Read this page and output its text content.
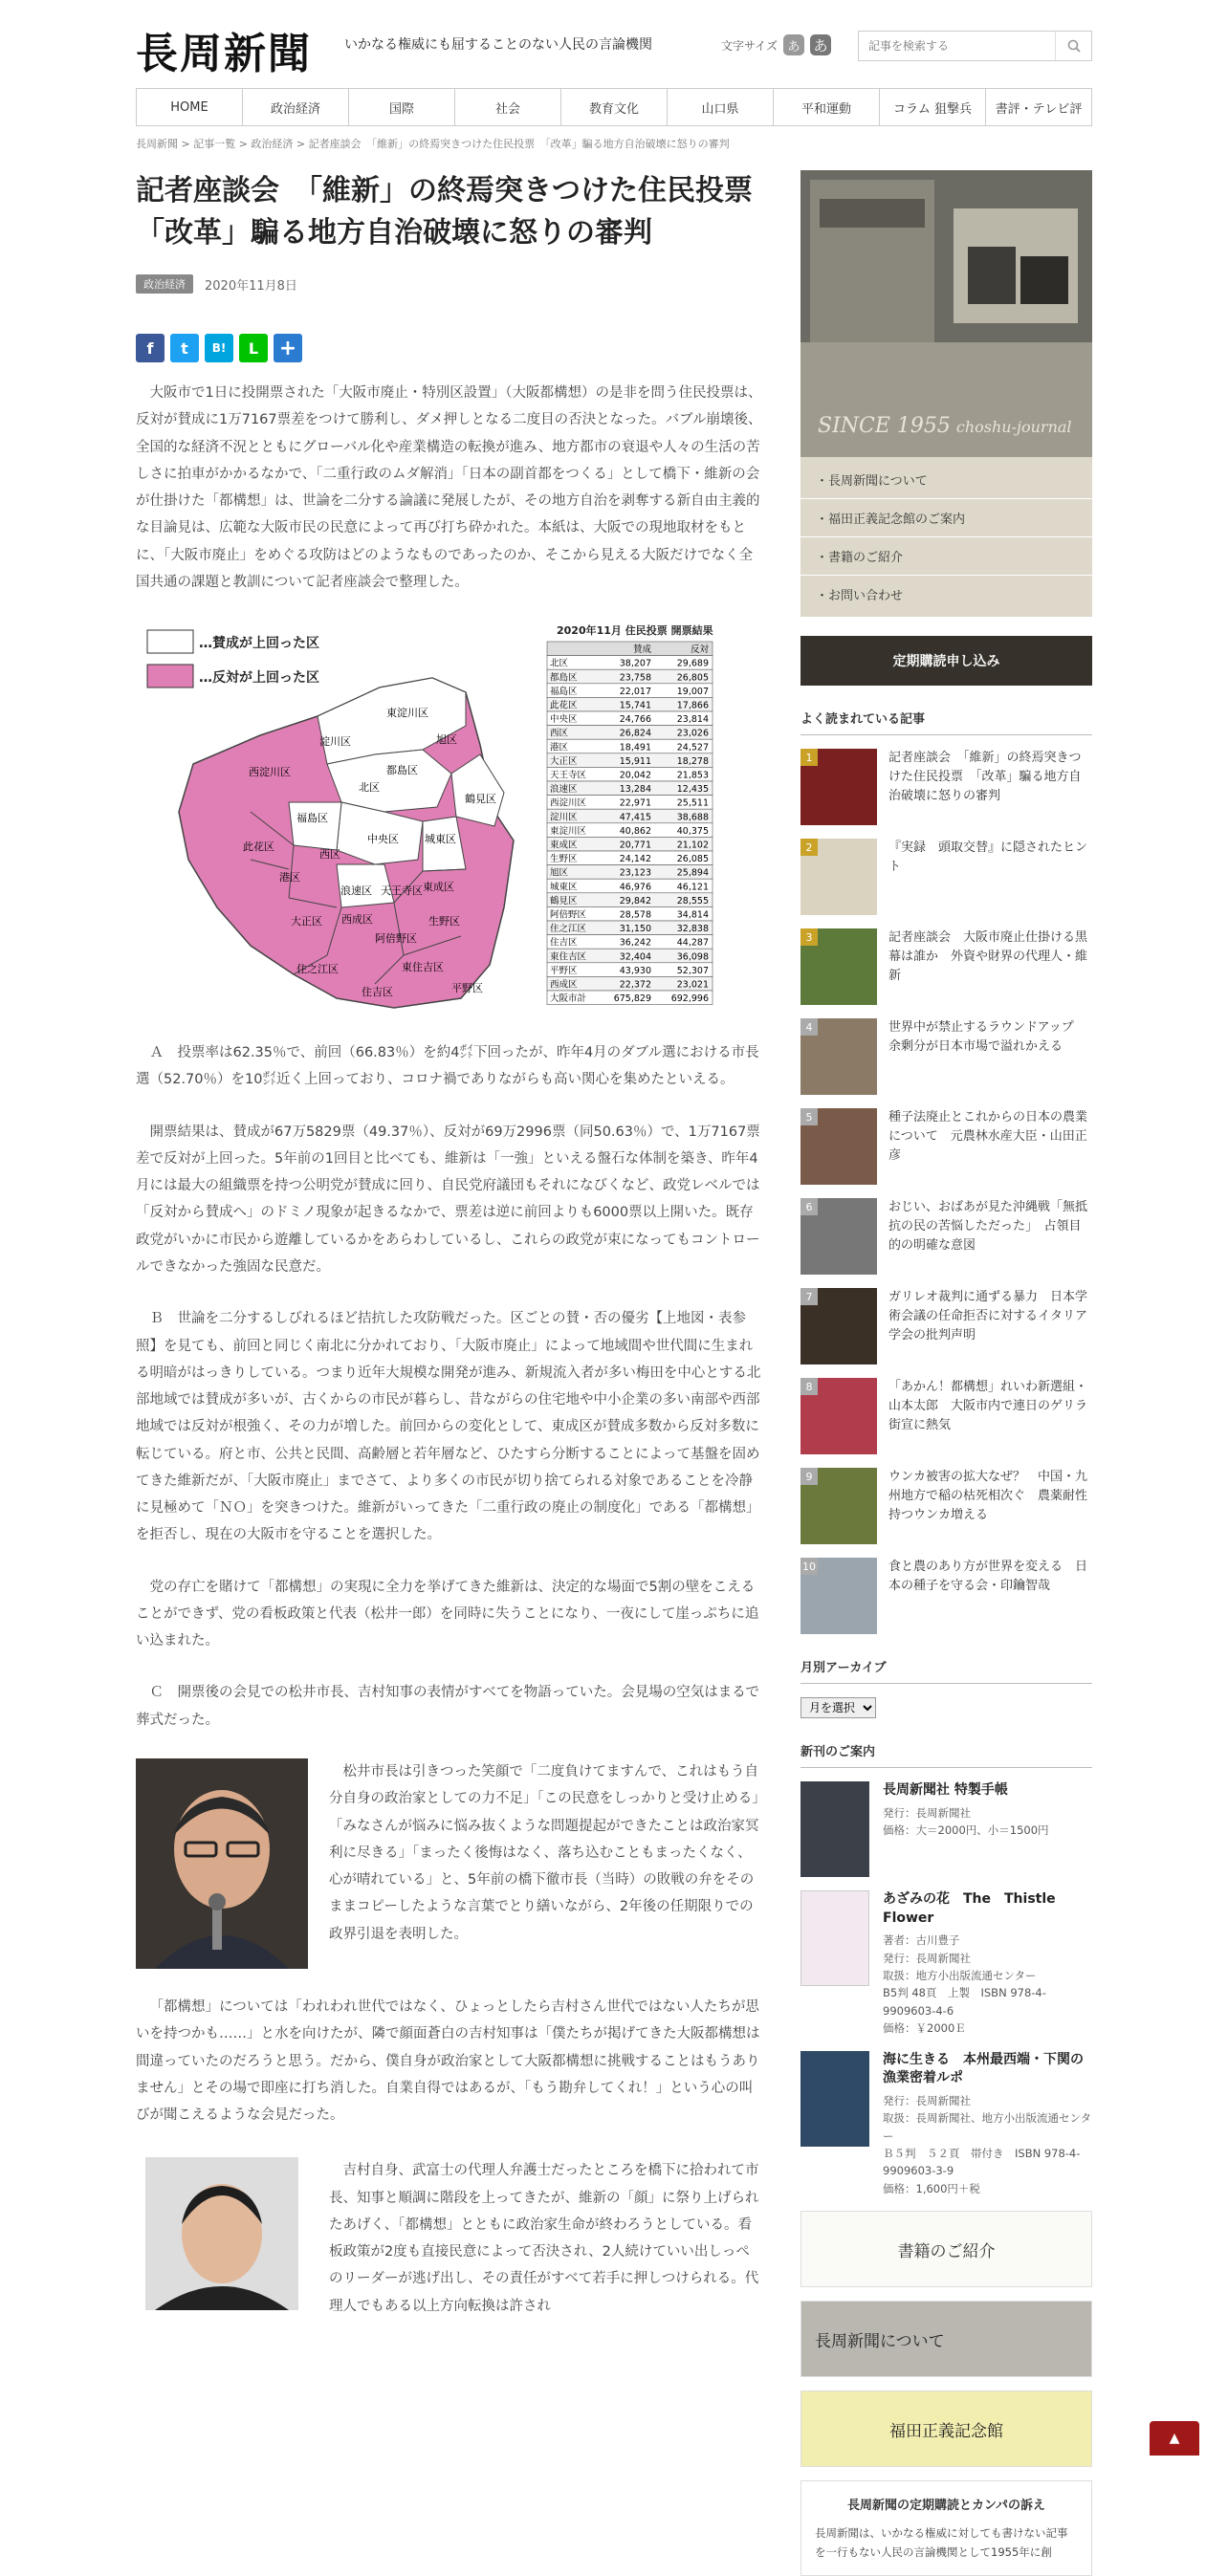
長周新聞 いかなる権威にも屈することのない人民の言論機関	文字サイズ あ あ
記事を検索する
HOME	政治経済	国際	社会	教育文化	山口県	平和運動	コラム 狙撃兵	書評・テレビ評
長周新聞 > 記事一覧 > 政治経済 > 記者座談会　「維新」の終焉突きつけた住民投票　「改革」騙る地方自治破壊に怒りの審判
記者座談会　「維新」の終焉突きつけた住民投票　「改革」騙る地方自治破壊に怒りの審判
政治経済	2020年11月8日
f	t	B!	L +

大阪市で1日に投開票された「大阪市廃止・特別区設置」（大阪都構想）の是非を問う住民投票は、反対が賛成に1万7167票差をつけて勝利し、ダメ押しとなる二度目の否決となった。バブル崩壊後、全国的な経済不況とともにグローバル化や産業構造の転換が進み、地方都市の衰退や人々の生活の苦しさに拍車がかかるなかで、「二重行政のムダ解消」「日本の副首都をつくる」として橋下・維新の会が仕掛けた「都構想」は、世論を二分する論議に発展したが、その地方自治を剥奪する新自由主義的な目論見は、広範な大阪市民の民意によって再び打ち砕かれた。本紙は、大阪での現地取材をもとに、「大阪市廃止」をめぐる攻防はどのようなものであったのか、そこから見える大阪だけでなく全国共通の課題と教訓について記者座談会で整理した。

…賛成が上回った区
…反対が上回った区
東淀川区
淀川区	旭区
都島区
北区
鶴見区
西淀川区
福島区
城東区
此花区
中央区
西区
東成区
港区
浪速区 天王寺区
生野区
大正区 西成区
阿倍野区
住之江区	東住吉区
住吉区	平野区
2020年11月 住民投票 開票結果
賛成	反対
北区	38,207	29,689
都島区	23,758	26,805
福島区	22,017	19,007
此花区	15,741	17,866
中央区	24,766	23,814
西区	26,824	23,026
港区	18,491	24,527
大正区	15,911	18,278
天王寺区	20,042	21,853
浪速区	13,284	12,435
西淀川区	22,971	25,511
淀川区	47,415	38,688
東淀川区	40,862	40,375
東成区	20,771	21,102
生野区	24,142	26,085
旭区	23,123	25,894
城東区	46,976	46,121
鶴見区	29,842	28,555
阿倍野区	28,578	34,814
住之江区	31,150	32,838
住吉区	36,242	44,287
東住吉区	32,404	36,098
平野区	43,930	52,307
西成区	22,372	23,021
大阪市計	675,829 692,996

Ａ　投票率は62.35％で、前回（66.83％）を約4㌽下回ったが、昨年4月のダブル選における市長選（52.70％）を10㌽近く上回っており、コロナ禍でありながらも高い関心を集めたといえる。

開票結果は、賛成が67万5829票（49.37％）、反対が69万2996票（同50.63％）で、1万7167票差で反対が上回った。5年前の1回目と比べても、維新は「一強」といえる盤石な体制を築き、昨年4月には最大の組織票を持つ公明党が賛成に回り、自民党府議団もそれになびくなど、政党レベルでは「反対から賛成へ」のドミノ現象が起きるなかで、票差は逆に前回よりも6000票以上開いた。既存政党がいかに市民から遊離しているかをあらわしているし、これらの政党が束になってもコントロールできなかった強固な民意だ。

Ｂ　世論を二分するしびれるほど拮抗した攻防戦だった。区ごとの賛・否の優劣【上地図・表参照】を見ても、前回と同じく南北に分かれており、「大阪市廃止」によって地域間や世代間に生まれる明暗がはっきりしている。つまり近年大規模な開発が進み、新規流入者が多い梅田を中心とする北部地域では賛成が多いが、古くからの市民が暮らし、昔ながらの住宅地や中小企業の多い南部や西部地域では反対が根強く、その力が増した。前回からの変化として、東成区が賛成多数から反対多数に転じている。府と市、公共と民間、高齢層と若年層など、ひたすら分断することによって基盤を固めてきた維新だが、「大阪市廃止」までさて、より多くの市民が切り捨てられる対象であることを冷静に見極めて「ＮＯ」を突きつけた。維新がいってきた「二重行政の廃止の制度化」である「都構想」を拒否し、現在の大阪市を守ることを選択した。

党の存亡を賭けて「都構想」の実現に全力を挙げてきた維新は、決定的な場面で5割の壁をこえることができず、党の看板政策と代表（松井一郎）を同時に失うことになり、一夜にして崖っぷちに追い込まれた。

Ｃ　開票後の会見での松井市長、吉村知事の表情がすべてを物語っていた。会見場の空気はまるで葬式だった。

松井市長は引きつった笑顔で「二度負けてますんで、これはもう自分自身の政治家としての力不足」「この民意をしっかりと受け止める」「みなさんが悩みに悩み抜くような問題提起ができたことは政治家冥利に尽きる」「まったく後悔はなく、落ち込むこともまったくなく、心が晴れている」と、5年前の橋下徹市長（当時）の敗戦の弁をそのままコピーしたような言葉でとり繕いながら、2年後の任期限りでの政界引退を表明した。

「都構想」については「われわれ世代ではなく、ひょっとしたら吉村さん世代ではない人たちが思いを持つかも……」と水を向けたが、隣で顔面蒼白の吉村知事は「僕たちが掲げてきた大阪都構想は間違っていたのだろうと思う。だから、僕自身が政治家として大阪都構想に挑戦することはもうありません」とその場で即座に打ち消した。自業自得ではあるが、「もう勘弁してくれ！」という心の叫びが聞こえるような会見だった。

吉村自身、武富士の代理人弁護士だったところを橋下に拾われて市長、知事と順調に階段を上ってきたが、維新の「顔」に祭り上げられたあげく、「都構想」とともに政治家生命が終わろうとしている。看板政策が2度も直接民意によって否決され、2人続けていい出しっぺのリーダーが逃げ出し、その責任がすべて若手に押しつけられる。代理人でもある以上方向転換は許され

SINCE 1955 choshu-journal
・長周新聞について
・福田正義記念館のご案内
・書籍のご紹介
・お問い合わせ
定期購読申し込み
よく読まれている記事
1	記者座談会　「維新」の終焉突きつけた住民投票　「改革」騙る地方自治破壊に怒りの審判
2	『実録　頭取交替』に隠されたヒント
3	記者座談会　大阪市廃止仕掛ける黒幕は誰か　外資や財界の代理人・維新
4	世界中が禁止するラウンドアップ　余剰分が日本市場で溢れかえる
5	種子法廃止とこれからの日本の農業について　元農林水産大臣・山田正彦
6	おじい、おばあが見た沖縄戦「無抵抗の民の苦悩しただった」　占領目的の明確な意図
7	ガリレオ裁判に通ずる暴力　日本学術会議の任命拒否に対するイタリア学会の批判声明
8	「あかん！都構想」れいわ新選組・山本太郎　大阪市内で連日のゲリラ街宣に熱気
9	ウンカ被害の拡大なぜ？　中国・九州地方で稲の枯死相次ぐ　農薬耐性持つウンカ増える
10	食と農のあり方が世界を変える　日本の種子を守る会・印鑰智哉
月別アーカイブ
月を選択
新刊のご案内
長周新聞社 特製手帳
発行：長周新聞社
価格：大＝2000円、小＝1500円
あざみの花　The　Thistle Flower
著者：古川豊子
発行：長周新聞社
取扱：地方小出版流通センター
B5判 48頁　上製　ISBN 978-4-9909603-4-6
価格：￥2000Ｅ
海に生きる　本州最西端・下関の漁業密着ルポ
発行：長周新聞社
取扱：長周新聞社、地方小出版流通センター
Ｂ５判　５２頁　帯付き　ISBN 978-4-9909603-3-9
価格：1,600円＋税
書籍のご紹介
長周新聞について
福田正義記念館
長周新聞の定期購読とカンパの訴え
長周新聞は、いかなる権威に対しても書けない記事を一行もない人民の言論機関として1955年に創
▲
